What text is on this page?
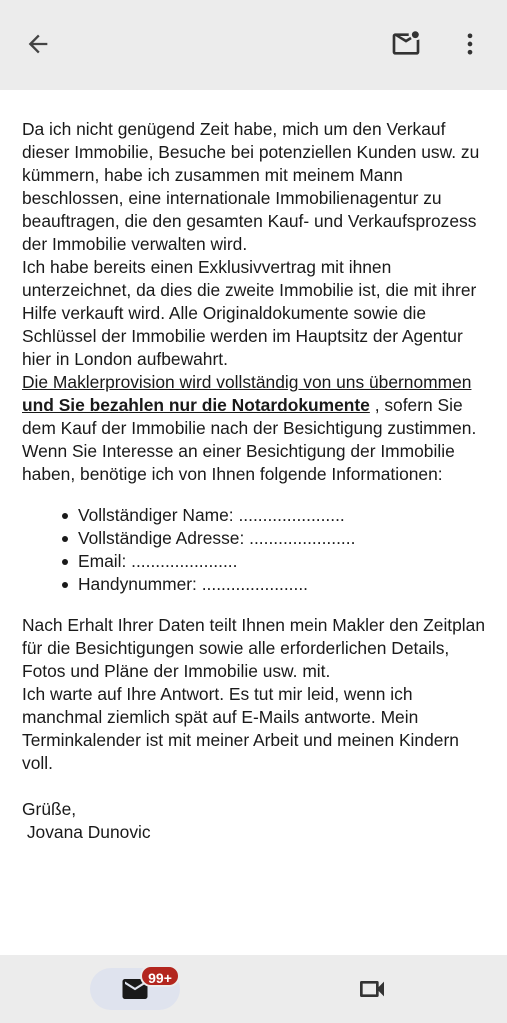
Da ich nicht genügend Zeit habe, mich um den Verkauf dieser Immobilie, Besuche bei potenziellen Kunden usw. zu kümmern, habe ich zusammen mit meinem Mann beschlossen, eine internationale Immobilienagentur zu beauftragen, die den gesamten Kauf- und Verkaufsprozess der Immobilie verwalten wird.

Ich habe bereits einen Exklusivvertrag mit ihnen unterzeichnet, da dies die zweite Immobilie ist, die mit ihrer Hilfe verkauft wird. Alle Originaldokumente sowie die Schlüssel der Immobilie werden im Hauptsitz der Agentur hier in London aufbewahrt.

Die Maklerprovision wird vollständig von uns übernommen und Sie bezahlen nur die Notardokumente , sofern Sie dem Kauf der Immobilie nach der Besichtigung zustimmen.

Wenn Sie Interesse an einer Besichtigung der Immobilie haben, benötige ich von Ihnen folgende Informationen:

Vollständiger Name: ......................
Vollständige Adresse: ......................
Email: ......................
Handynummer: ......................

Nach Erhalt Ihrer Daten teilt Ihnen mein Makler den Zeitplan für die Besichtigungen sowie alle erforderlichen Details, Fotos und Pläne der Immobilie usw. mit.

Ich warte auf Ihre Antwort. Es tut mir leid, wenn ich manchmal ziemlich spät auf E-Mails antworte. Mein Terminkalender ist mit meiner Arbeit und meinen Kindern voll.

Grüße,

Jovana Dunovic

99+
